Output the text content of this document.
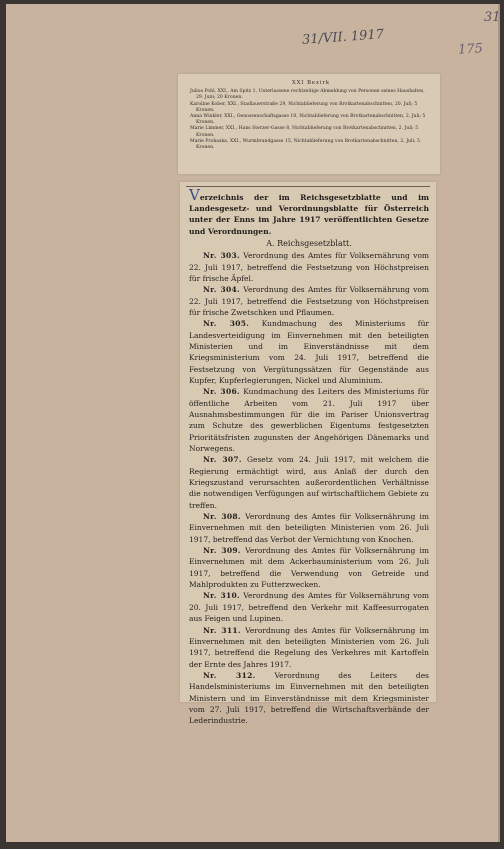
31
31/VII. 1917
175
XXI Bezirk
Julius Pohl, XXI., Am Spitz 1, Unterlassene rechtzeitige Abmeldung von Personen seines Haushaltes, 29. Juni; 20 Kronen.
Karoline Kober, XXI., Stadlauerstraße 29, Nichtablieferung von Brotkartenabschnitten, 20. Juli; 5 Kronen.
Anna Winkler, XXI., Genossenschaftsgasse 10, Nichtablieferung von Brotkartenabschnitten, 2. Juli; 5 Kronen.
Marie Limmer, XXI., Hans Sterzer-Gasse 8, Nichtablieferung von Brotkartenabschnitten, 2. Juli; 5 Kronen.
Marie Prohaska, XXI., Wurmbrandgasse 15, Nichtablieferung von Brotkartenabschnitten, 2. Juli; 5 Kronen.
Verzeichnis der im Reichsgesetzblatte und im Landesgesetz- und Verordnungsblatte für Österreich unter der Enns im Jahre 1917 veröffentlichten Gesetze und Verordnungen.
A. Reichsgesetzblatt.

Nr. 303. Verordnung des Amtes für Volksernährung vom 22. Juli 1917, betreffend die Festsetzung von Höchstpreisen für frische Äpfel.

Nr. 304. Verordnung des Amtes für Volksernährung vom 22. Juli 1917, betreffend die Festsetzung von Höchstpreisen für frische Zwetschken und Pflaumen.

Nr. 305. Kundmachung des Ministeriums für Landesverteidigung im Einvernehmen mit den beteiligten Ministerien und im Einverständnisse mit dem Kriegsministerium vom 24. Juli 1917, betreffend die Festsetzung von Vergütungssätzen für Gegenstände aus Kupfer, Kupferlegierungen, Nickel und Aluminium.

Nr. 306. Kundmachung des Leiters des Ministeriums für öffentliche Arbeiten vom 21. Juli 1917 über Ausnahmsbestimmungen für die im Pariser Unionsvertrag zum Schutze des gewerblichen Eigentums festgesetzten Prioritätsfristen zugunsten der Angehörigen Dänemarks und Norwegens.

Nr. 307. Gesetz vom 24. Juli 1917, mit welchem die Regierung ermächtigt wird, aus Anlaß der durch den Kriegszustand verursachten außerordentlichen Verhältnisse die notwendigen Verfügungen auf wirtschaftlichem Gebiete zu treffen.

Nr. 308. Verordnung des Amtes für Volksernährung im Einvernehmen mit den beteiligten Ministerien vom 26. Juli 1917, betreffend das Verbot der Vernichtung von Knochen.

Nr. 309. Verordnung des Amtes für Volksernährung im Einvernehmen mit dem Ackerbauministerium vom 26. Juli 1917, betreffend die Verwendung von Getreide und Mahlprodukten zu Futterzwecken.

Nr. 310. Verordnung des Amtes für Volksernährung vom 20. Juli 1917, betreffend den Verkehr mit Kaffeesurrogaten aus Feigen und Lupinen.

Nr. 311. Verordnung des Amtes für Volksernährung im Einvernehmen mit den beteiligten Ministerien vom 26. Juli 1917, betreffend die Regelung des Verkehres mit Kartoffeln der Ernte des Jahres 1917.

Nr. 312.	Verordnung des Leiters des Handelsministeriums im Einvernehmen mit den beteiligten Ministern und im Einverständnisse mit dem Kriegsminister vom 27. Juli 1917, betreffend die Wirtschaftsverbände der Lederindustrie.
